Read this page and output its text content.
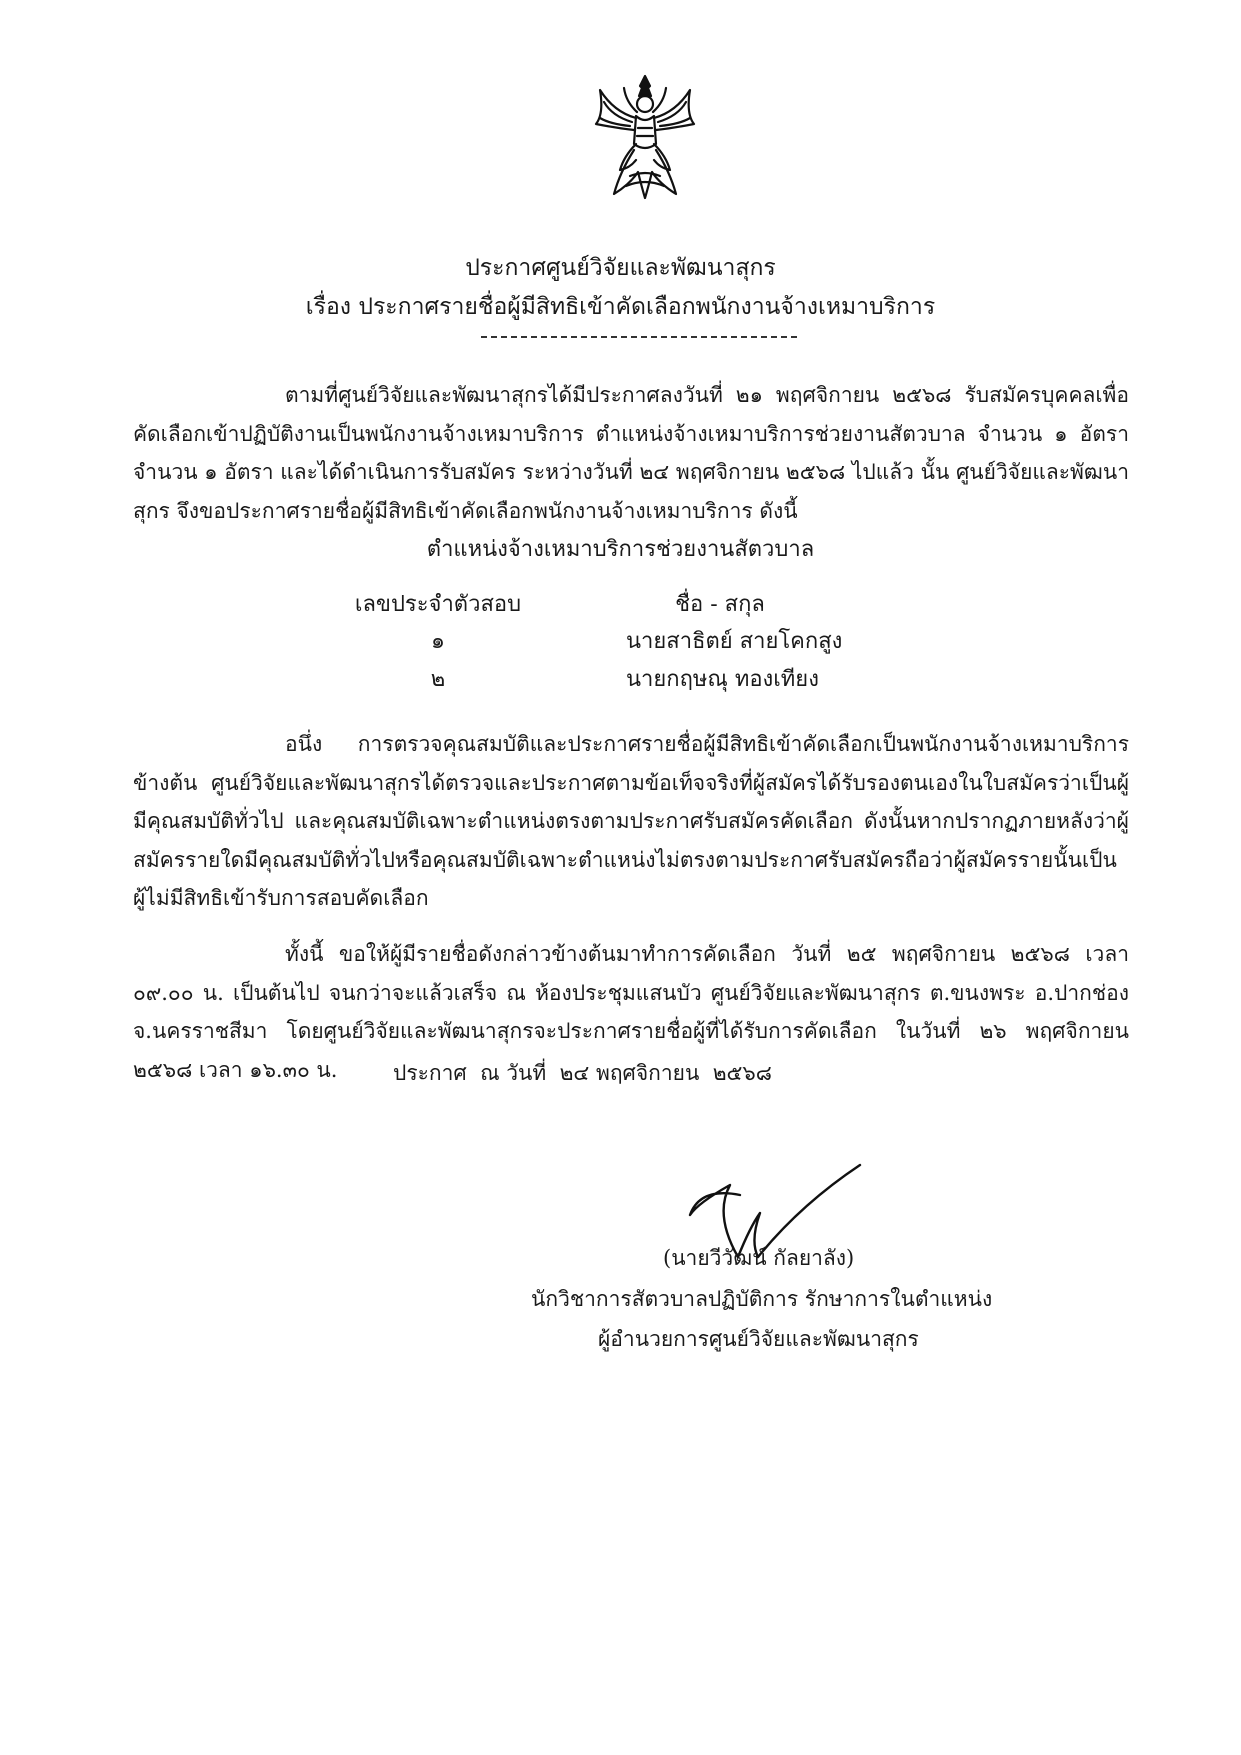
ประกาศศูนย์วิจัยและพัฒนาสุกร
เรื่อง ประกาศรายชื่อผู้มีสิทธิเข้าคัดเลือกพนักงานจ้างเหมาบริการ

ตามที่ศูนย์วิจัยและพัฒนาสุกรได้มีประกาศลงวันที่ ๒๑ พฤศจิกายน ๒๕๖๘ รับสมัครบุคคลเพื่อคัดเลือกเข้าปฏิบัติงานเป็นพนักงานจ้างเหมาบริการ ตำแหน่งจ้างเหมาบริการช่วยงานสัตวบาล จำนวน ๑ อัตรา จำนวน ๑ อัตรา และได้ดำเนินการรับสมัคร ระหว่างวันที่ ๒๔ พฤศจิกายน ๒๕๖๘ ไปแล้ว นั้น ศูนย์วิจัยและพัฒนาสุกร จึงขอประกาศรายชื่อผู้มีสิทธิเข้าคัดเลือกพนักงานจ้างเหมาบริการ ดังนี้

ตำแหน่งจ้างเหมาบริการช่วยงานสัตวบาล
เลขประจำตัวสอบ	ชื่อ - สกุล
๑	นายสาธิตย์ สายโคกสูง
๒	นายกฤษณุ ทองเทียง

อนึ่ง การตรวจคุณสมบัติและประกาศรายชื่อผู้มีสิทธิเข้าคัดเลือกเป็นพนักงานจ้างเหมาบริการข้างต้น ศูนย์วิจัยและพัฒนาสุกรได้ตรวจและประกาศตามข้อเท็จจริงที่ผู้สมัครได้รับรองตนเองในใบสมัครว่าเป็นผู้มีคุณสมบัติทั่วไป และคุณสมบัติเฉพาะตำแหน่งตรงตามประกาศรับสมัครคัดเลือก ดังนั้นหากปรากฏภายหลังว่าผู้สมัครรายใดมีคุณสมบัติทั่วไปหรือคุณสมบัติเฉพาะตำแหน่งไม่ตรงตามประกาศรับสมัครถือว่าผู้สมัครรายนั้นเป็นผู้ไม่มีสิทธิเข้ารับการสอบคัดเลือก

ทั้งนี้ ขอให้ผู้มีรายชื่อดังกล่าวข้างต้นมาทำการคัดเลือก วันที่ ๒๕ พฤศจิกายน ๒๕๖๘ เวลา ๐๙.๐๐ น. เป็นต้นไป จนกว่าจะแล้วเสร็จ ณ ห้องประชุมแสนบัว ศูนย์วิจัยและพัฒนาสุกร ต.ขนงพระ อ.ปากช่อง จ.นครราชสีมา โดยศูนย์วิจัยและพัฒนาสุกรจะประกาศรายชื่อผู้ที่ได้รับการคัดเลือก ในวันที่ ๒๖ พฤศจิกายน ๒๕๖๘ เวลา ๑๖.๓๐ น.	ประกาศ  ณ วันที่  ๒๔ พฤศจิกายน  ๒๕๖๘
(นายวีวัฒน์ กัลยาลัง)
นักวิชาการสัตวบาลปฏิบัติการ รักษาการในตำแหน่ง
ผู้อำนวยการศูนย์วิจัยและพัฒนาสุกร
